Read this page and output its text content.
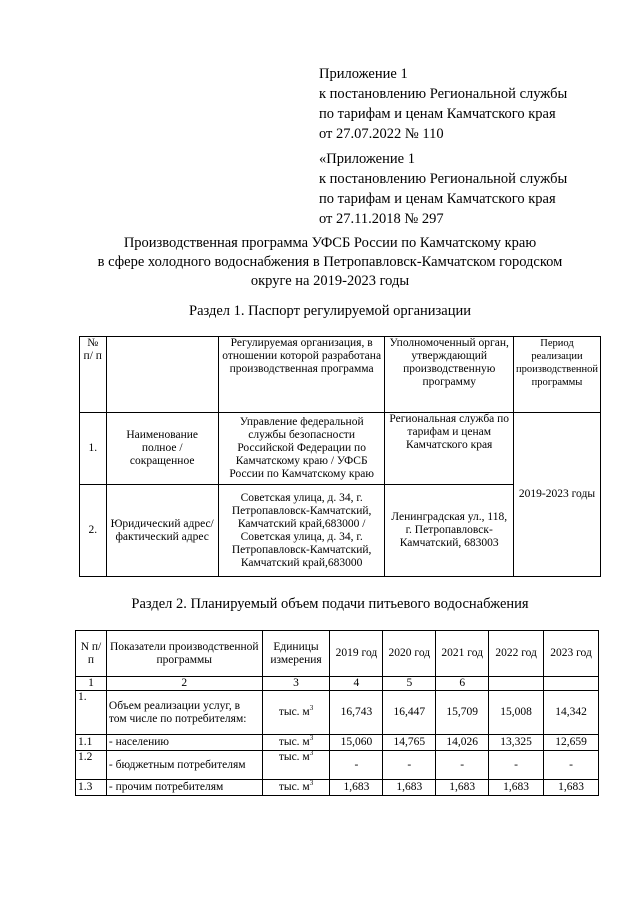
Приложение 1
к постановлению Региональной службы
по тарифам и ценам Камчатского края
от 27.07.2022 № 110
«Приложение 1
к постановлению Региональной службы
по тарифам и ценам Камчатского края
от 27.11.2018 № 297
Производственная программа УФСБ России по Камчатскому краю
в сфере холодного водоснабжения в Петропавловск-Камчатском городском
округе на 2019-2023 годы
Раздел 1. Паспорт регулируемой организации
№ п/ п		Регулируемая организация, в отношении которой разработана производственная программа	Уполномоченный орган, утверждающий производственную программу	Период реализации производственной программы
1.	Наименование полное / сокращенное	Управление федеральной службы безопасности Российской Федерации по Камчатскому краю / УФСБ России по Камчатскому краю	Региональная служба по тарифам и ценам Камчатского края	2019-2023 годы
2.	Юридический адрес/фактический адрес	Советская улица, д. 34, г. Петропавловск-Камчатский, Камчатский край,683000 / Советская улица, д. 34, г. Петропавловск-Камчатский, Камчатский край,683000	Ленинградская ул., 118, г. Петропавловск-Камчатский, 683003	
Раздел 2. Планируемый объем подачи питьевого водоснабжения
N п/п	Показатели производственной программы	Единицы измерения	2019 год	2020 год	2021 год	2022 год	2023 год
1	2	3	4	5	6		
1.	Объем реализации услуг, в том числе по потребителям:	тыс. $м^3$	16,743	16,447	15,709	15,008	14,342
1.1	- населению	тыс. $м^3$	15,060	14,765	14,026	13,325	12,659
1.2	- бюджетным потребителям	тыс. $м^3$	-	-	-	-	-
1.3	- прочим потребителям	тыс. $м^3$	1,683	1,683	1,683	1,683	1,683
